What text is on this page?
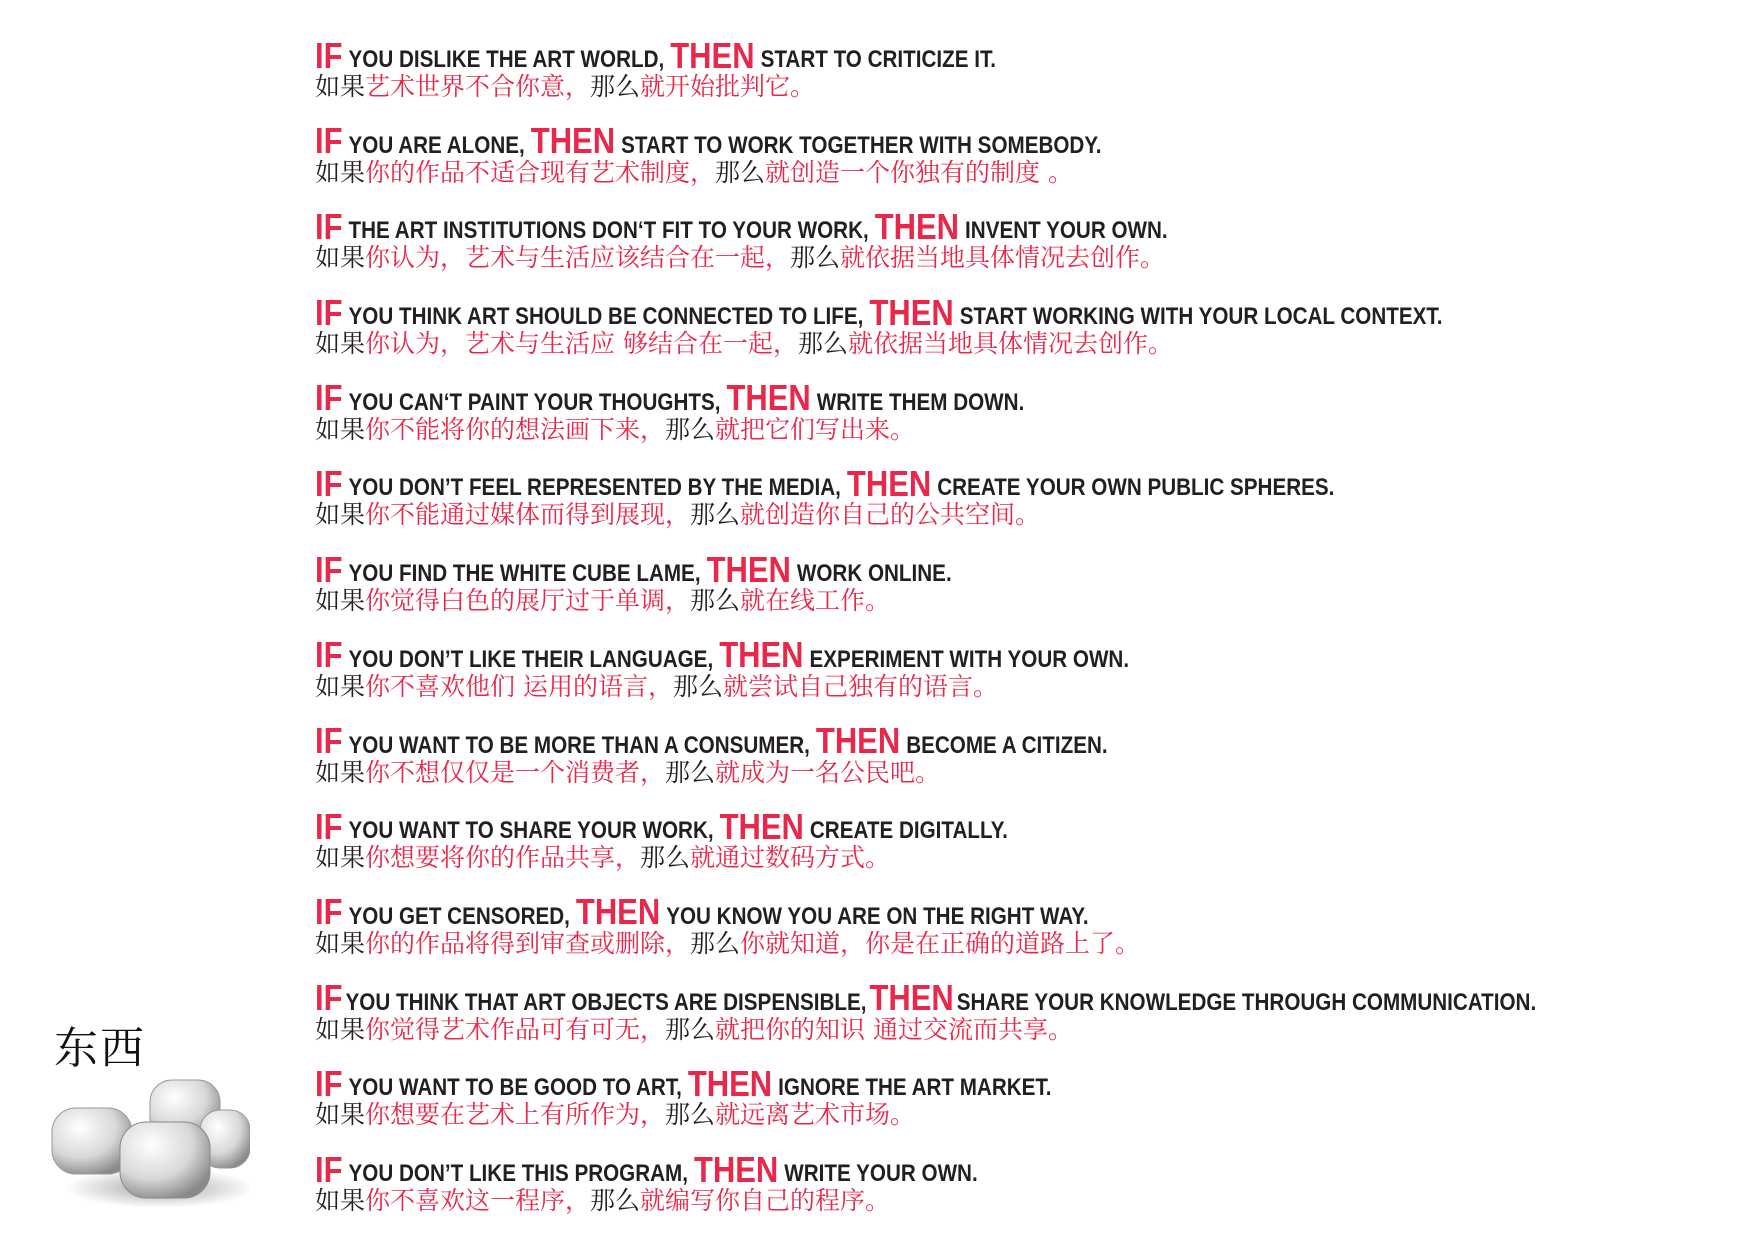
IF YOU DISLIKE THE ART WORLD, THEN START TO CRITICIZE IT.
如果艺术世界不合你意，那么就开始批判它。
IF YOU ARE ALONE, THEN START TO WORK TOGETHER WITH SOMEBODY.
如果你的作品不适合现有艺术制度，那么就创造一个你独有的制度 。
IF THE ART INSTITUTIONS DON‘T FIT TO YOUR WORK, THEN INVENT YOUR OWN.
如果你认为，艺术与生活应该结合在一起，那么就依据当地具体情况去创作。
IF YOU THINK ART SHOULD BE CONNECTED TO LIFE, THEN START WORKING WITH YOUR LOCAL CONTEXT.
如果你认为，艺术与生活应 够结合在一起，那么就依据当地具体情况去创作。
IF YOU CAN‘T PAINT YOUR THOUGHTS, THEN WRITE THEM DOWN.
如果你不能将你的想法画下来，那么就把它们写出来。
IF YOU DON’T FEEL REPRESENTED BY THE MEDIA, THEN CREATE YOUR OWN PUBLIC SPHERES.
如果你不能通过媒体而得到展现，那么就创造你自己的公共空间。
IF YOU FIND THE WHITE CUBE LAME, THEN WORK ONLINE.
如果你觉得白色的展厅过于单调，那么就在线工作。
IF YOU DON’T LIKE THEIR LANGUAGE, THEN EXPERIMENT WITH YOUR OWN.
如果你不喜欢他们 运用的语言，那么就尝试自己独有的语言。
IF YOU WANT TO BE MORE THAN A CONSUMER, THEN BECOME A CITIZEN.
如果你不想仅仅是一个消费者，那么就成为一名公民吧。
IF YOU WANT TO SHARE YOUR WORK, THEN CREATE DIGITALLY.
如果你想要将你的作品共享，那么就通过数码方式。
IF YOU GET CENSORED, THEN YOU KNOW YOU ARE ON THE RIGHT WAY.
如果你的作品将得到审查或删除，那么你就知道，你是在正确的道路上了。
IF YOU THINK THAT ART OBJECTS ARE DISPENSIBLE, THEN SHARE YOUR KNOWLEDGE THROUGH COMMUNICATION.
如果你觉得艺术作品可有可无，那么就把你的知识 通过交流而共享。
IF YOU WANT TO BE GOOD TO ART, THEN IGNORE THE ART MARKET.
如果你想要在艺术上有所作为，那么就远离艺术市场。
IF YOU DON’T LIKE THIS PROGRAM, THEN WRITE YOUR OWN.
如果你不喜欢这一程序，那么就编写你自己的程序。
东西
